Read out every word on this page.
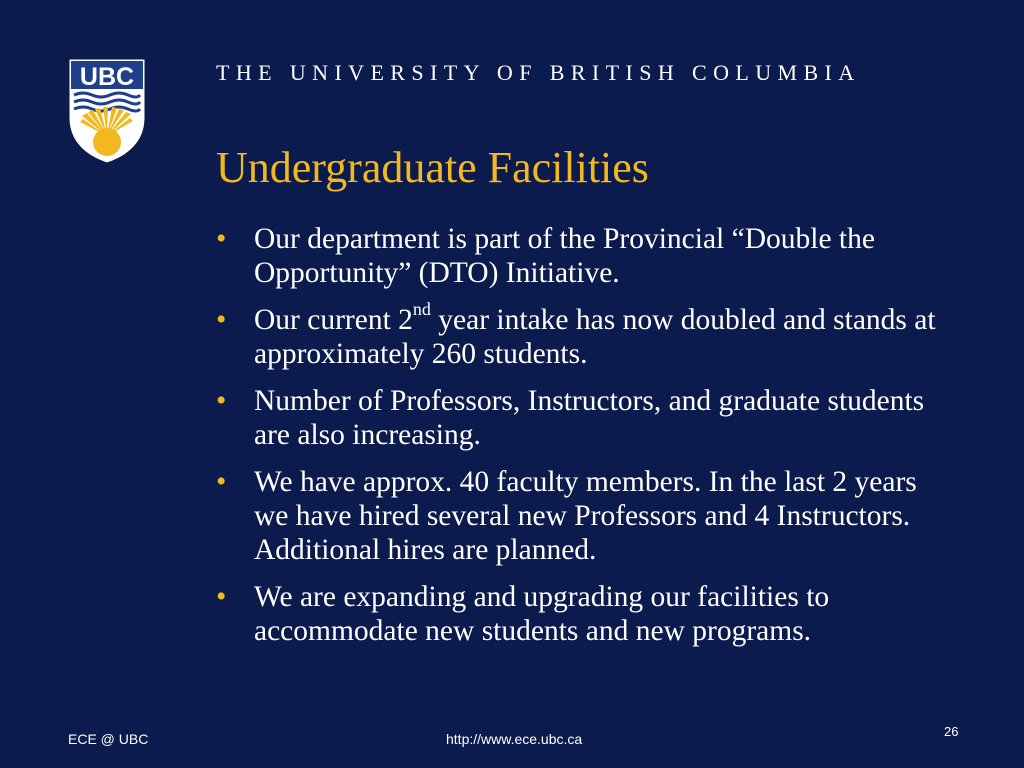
UBC	THE UNIVERSITY OF BRITISH COLUMBIA
Undergraduate Facilities
• Our department is part of the Provincial “Double the Opportunity” (DTO) Initiative.
• Our current 2nd year intake has now doubled and stands at approximately 260 students.
• Number of Professors, Instructors, and graduate students are also increasing.
• We have approx. 40 faculty members. In the last 2 years we have hired several new Professors and 4 Instructors. Additional hires are planned.
• We are expanding and upgrading our facilities to accommodate new students and new programs.
ECE @ UBC	http://www.ece.ubc.ca	26
